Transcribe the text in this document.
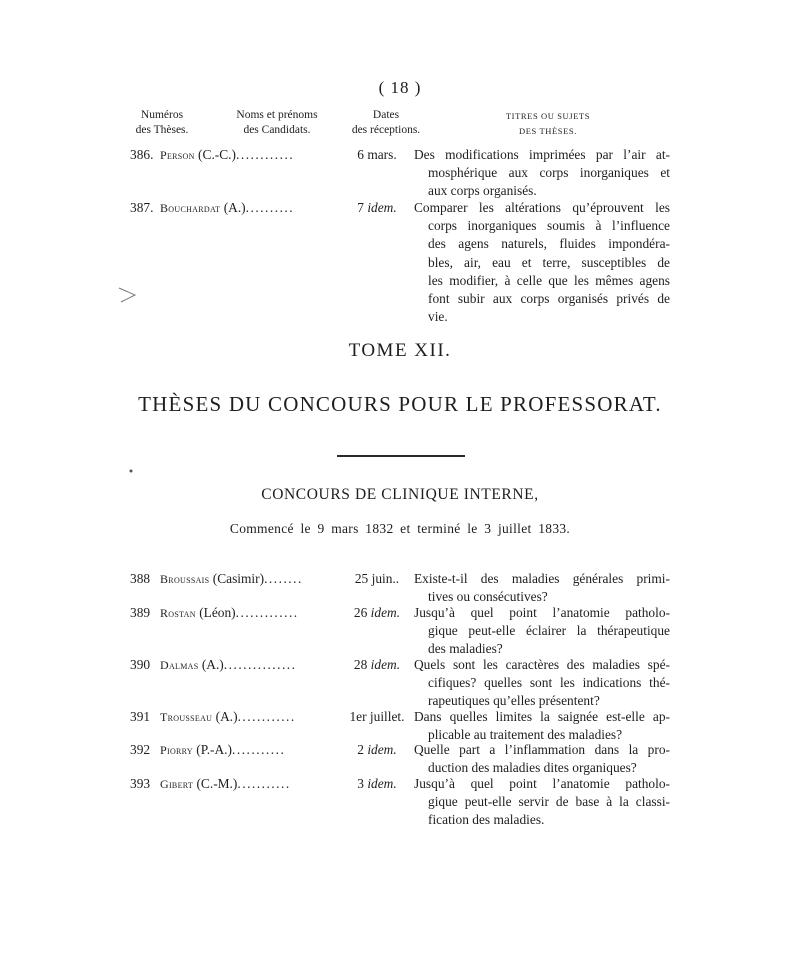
( 18 )
Numéros
des Thèses.
Noms et prénoms
des Candidats.
Dates
des réceptions.
TITRES OU SUJETS
DES THÈSES.
386. Person (C.-C.)............	6 mars.	Des modifications imprimées par l’air at-
mosphérique aux corps inorganiques et
aux corps organisés.
387. Bouchardat (A.)..........	7 idem.	Comparer les altérations qu’éprouvent les
corps inorganiques soumis à l’influence
des agens naturels, fluides impondéra-
bles, air, eau et terre, susceptibles de
les modifier, à celle que les mêmes agens
font subir aux corps organisés privés de
vie.
TOME XII.
THÈSES DU CONCOURS POUR LE PROFESSORAT.
CONCOURS DE CLINIQUE INTERNE,
Commencé le 9 mars 1832 et terminé le 3 juillet 1833.
388 Broussais (Casimir)........	25 juin..	Existe-t-il des maladies générales primi-
tives ou consécutives?
389 Rostan (Léon).............	26 idem.	Jusqu’à quel point l’anatomie patholo-
gique peut-elle éclairer la thérapeutique
des maladies?
390 Dalmas (A.)...............	28 idem.	Quels sont les caractères des maladies spé-
cifiques? quelles sont les indications thé-
rapeutiques qu’elles présentent?
391 Trousseau (A.)............	1er juillet. Dans quelles limites la saignée est-elle ap-
plicable au traitement des maladies?
392 Piorry (P.-A.)...........	2 idem.	Quelle part a l’inflammation dans la pro-
duction des maladies dites organiques?
393 Gibert (C.-M.)...........	3 idem.	Jusqu’à quel point l’anatomie patholo-
gique peut-elle servir de base à la classi-
fication des maladies.
